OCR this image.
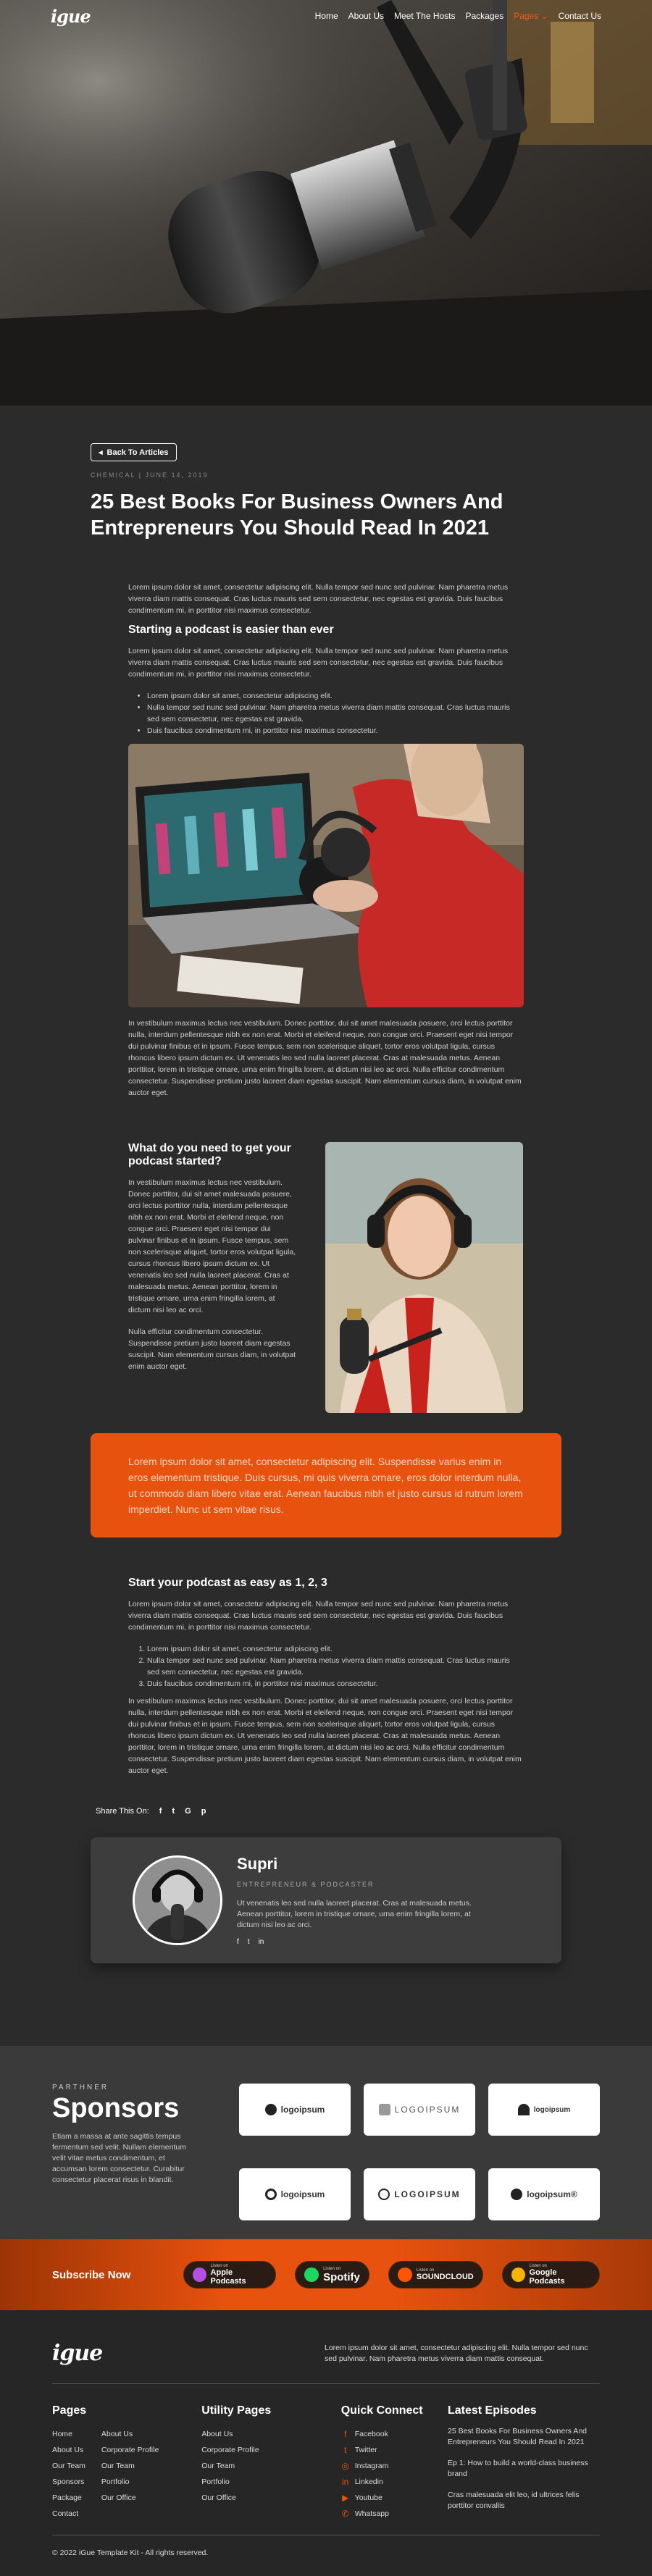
igue	Home About Us Meet The Hosts Packages Pages ⌄ Contact Us
◂ Back To Articles
CHEMICAL | JUNE 14, 2019
25 Best Books For Business Owners And Entrepreneurs You Should Read In 2021

Lorem ipsum dolor sit amet, consectetur adipiscing elit. Nulla tempor sed nunc sed pulvinar. Nam pharetra metus viverra diam mattis consequat. Cras luctus mauris sed sem consectetur, nec egestas est gravida. Duis faucibus condimentum mi, in porttitor nisi maximus consectetur.

Starting a podcast is easier than ever

Lorem ipsum dolor sit amet, consectetur adipiscing elit. Nulla tempor sed nunc sed pulvinar. Nam pharetra metus viverra diam mattis consequat. Cras luctus mauris sed sem consectetur, nec egestas est gravida. Duis faucibus condimentum mi, in porttitor nisi maximus consectetur.

• Lorem ipsum dolor sit amet, consectetur adipiscing elit.
• Nulla tempor sed nunc sed pulvinar. Nam pharetra metus viverra diam mattis consequat. Cras luctus mauris sed sem consectetur, nec egestas est gravida.
• Duis faucibus condimentum mi, in porttitor nisi maximus consectetur.

In vestibulum maximus lectus nec vestibulum. Donec porttitor, dui sit amet malesuada posuere, orci lectus porttitor nulla, interdum pellentesque nibh ex non erat. Morbi et eleifend neque, non congue orci. Praesent eget nisi tempor dui pulvinar finibus et in ipsum. Fusce tempus, sem non scelerisque aliquet, tortor eros volutpat ligula, cursus rhoncus libero ipsum dictum ex. Ut venenatis leo sed nulla laoreet placerat. Cras at malesuada metus. Aenean porttitor, lorem in tristique ornare, urna enim fringilla lorem, at dictum nisi leo ac orci. Nulla efficitur condimentum consectetur. Suspendisse pretium justo laoreet diam egestas suscipit. Nam elementum cursus diam, in volutpat enim auctor eget.

What do you need to get your podcast started?

In vestibulum maximus lectus nec vestibulum. Donec porttitor, dui sit amet malesuada posuere, orci lectus porttitor nulla, interdum pellentesque nibh ex non erat. Morbi et eleifend neque, non congue orci. Praesent eget nisi tempor dui pulvinar finibus et in ipsum. Fusce tempus, sem non scelerisque aliquet, tortor eros volutpat ligula, cursus rhoncus libero ipsum dictum ex. Ut venenatis leo sed nulla laoreet placerat. Cras at malesuada metus. Aenean porttitor, lorem in tristique ornare, urna enim fringilla lorem, at dictum nisi leo ac orci.

Nulla efficitur condimentum consectetur. Suspendisse pretium justo laoreet diam egestas suscipit. Nam elementum cursus diam, in volutpat enim auctor eget.

Lorem ipsum dolor sit amet, consectetur adipiscing elit. Suspendisse varius enim in eros elementum tristique. Duis cursus, mi quis viverra ornare, eros dolor interdum nulla, ut commodo diam libero vitae erat. Aenean faucibus nibh et justo cursus id rutrum lorem imperdiet. Nunc ut sem vitae risus.
Start your podcast as easy as 1, 2, 3

Lorem ipsum dolor sit amet, consectetur adipiscing elit. Nulla tempor sed nunc sed pulvinar. Nam pharetra metus viverra diam mattis consequat. Cras luctus mauris sed sem consectetur, nec egestas est gravida. Duis faucibus condimentum mi, in porttitor nisi maximus consectetur.

1. Lorem ipsum dolor sit amet, consectetur adipiscing elit.
2. Nulla tempor sed nunc sed pulvinar. Nam pharetra metus viverra diam mattis consequat. Cras luctus mauris sed sem consectetur, nec egestas est gravida.
3. Duis faucibus condimentum mi, in porttitor nisi maximus consectetur.

In vestibulum maximus lectus nec vestibulum. Donec porttitor, dui sit amet malesuada posuere, orci lectus porttitor nulla, interdum pellentesque nibh ex non erat. Morbi et eleifend neque, non congue orci. Praesent eget nisi tempor dui pulvinar finibus et in ipsum. Fusce tempus, sem non scelerisque aliquet, tortor eros volutpat ligula, cursus rhoncus libero ipsum dictum ex. Ut venenatis leo sed nulla laoreet placerat. Cras at malesuada metus. Aenean porttitor, lorem in tristique ornare, urna enim fringilla lorem, at dictum nisi leo ac orci. Nulla efficitur condimentum consectetur. Suspendisse pretium justo laoreet diam egestas suscipit. Nam elementum cursus diam, in volutpat enim auctor eget.

Share This On: f t G p
Supri
ENTREPRENEUR & PODCASTER
Ut venenatis leo sed nulla laoreet placerat. Cras at malesuada metus. Aenean porttitor, lorem in tristique ornare, urna enim fringilla lorem, at dictum nisi leo ac orci.
f t in
PARTHNER
Sponsors
Etiam a massa at ante sagittis tempus fermentum sed velit. Nullam elementum velit vitae metus condimentum, et accumsan lorem consectetur. Curabitur consectetur placerat risus in blandit.
logoipsum	LOGOIPSUM	logoipsum
logoipsum	LOGOIPSUM	logoipsum®
Subscribe Now
Listen on
Apple Podcasts
Listen on
Spotify
Listen on
SOUNDCLOUD
Listen on
Google Podcasts
igue	Lorem ipsum dolor sit amet, consectetur adipiscing elit. Nulla tempor sed nunc sed pulvinar. Nam pharetra metus viverra diam mattis consequat.
Pages
Home
About Us
Our Team
Sponsors
Package
Contact
About Us
Corporate Profile
Our Team
Portfolio
Our Office
Utility Pages
About Us
Corporate Profile
Our Team
Portfolio
Our Office
Quick Connect
f	Facebook
t	Twitter
◎ Instagram
in Linkedin
▶ Youtube
✆ Whatsapp
Latest Episodes
25 Best Books For Business Owners And Entrepreneurs You Should Read In 2021
Ep 1: How to build a world-class business brand
Cras malesuada elit leo, id ultrices felis porttitor convallis
© 2022 iGue Template Kit - All rights reserved.
